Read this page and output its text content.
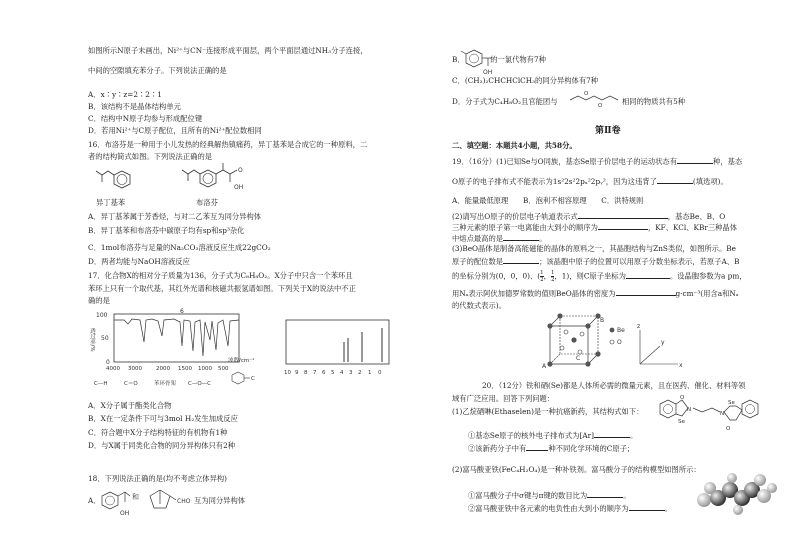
如图所示N原子未画出，Ni²⁺与CN⁻连接形成平面层，两个平面层通过NH₃分子连接，
中间的空隙填充苯分子。下列说法正确的是
A．x∶y∶z=2∶2∶1
B．该结构不是晶体结构单元
C．结构中N原子均参与形成配位键
D．若用Ni²⁺与C原子配位，且所有的Ni²⁺配位数相同
16．布洛芬是一种用于小儿发热的经典解热镇痛药，异丁基苯是合成它的一种原料，二
者的结构简式如图。下列说法正确的是
OH
O
异丁基苯	布洛芬
A．异丁基苯属于芳香烃，与对二乙苯互为同分异构体
B．异丁基苯和布洛芬中碳原子均有sp和sp³杂化
C．1mol布洛芬与足量的Na₂CO₃溶液反应生成22gCO₂
D．两者均能与NaOH溶液反应
17．化合物X的相对分子质量为136，分子式为C₈H₈O₂。X分子中只含一个苯环且
苯环上只有一个取代基，其红外光谱和核磁共振氢谱如图。下列关于X的说法中不正
确的是
100
50
0
透过率/%
6
4000 3000	2000 1500 1000 500
波数/cm⁻¹
C—H	C＝O	苯环骨架 C—O—C
C
10 9 8 7 6 5 4 3 2 1 0
A．X分子属于酯类化合物
B．X在一定条件下可与3mol H₂发生加成反应
C．符合题中X分子结构特征的有机物有1种
D．与X属于同类化合物的同分异构体只有2种
18．下列说法正确的是(均不考虑立体异构)
A．
OH
和
CHO 互为同分异构体
OH
B．　　　　的一氯代物有7种
C．(CH₃)₂CHCHClCH₃的同分异构体有7种
D．分子式为C₄H₈O₂且官能团与
O
O	相同的物质共有5种
第Ⅱ卷
二、填空题：本题共4小题，共58分。
19．（16分）(1)已知Se与O同族，基态Se原子价层电子的运动状态有	种，基态
O原子的电子排布式不能表示为1s²2s²2pₓ²2pᵧ²，因为这违背了	(填选项)。
A．能量最低原理　　B．泡利不相容原理　　C．洪特规则
(2)请写出O原子的价层电子轨道表示式	，基态Be、B、O
三种元素的原子第一电离能由大到小的顺序为	，KF、KCl、KBr三种晶体
中熔点最高的是	。
(3)BeO晶体是制备高能磁能的晶体的原料之一，其晶胞结构与ZnS类似，如图所示。Be
原子的配位数是	；该晶胞中原子的位置可以用原子分数坐标表示，若原子A、B
的坐标分别为(0，0，0)、( $\frac{1}{2}$ ， $\frac{1}{2}$ ，1)，则C原子坐标为	。设晶胞参数为a pm，
用Nₐ表示阿伏加德罗常数的值则BeO晶体的密度为	g·cm⁻³(用含a和Nₐ
的代数式表示)。
A
B
C
Be
O
x
y
z
20．（12分）铁和硒(Se)都是人体所必需的微量元素，且在医药、催化、材料等领
域有广泛应用。回答下列问题：
(1)乙烷硒啉(Ethaselen)是一种抗癌新药，其结构式如下：
O
N
Se
N
Se
O
①基态Se原子的核外电子排布式为[Ar]	。
②该新药分子中有	种不同化学环境的C原子；
(2)富马酸亚铁(FeC₄H₂O₄)是一种补铁剂。富马酸分子的结构模型如图所示：
①富马酸分子中σ键与π键的数目比为	。
②富马酸亚铁中各元素的电负性由大到小的顺序为	。
